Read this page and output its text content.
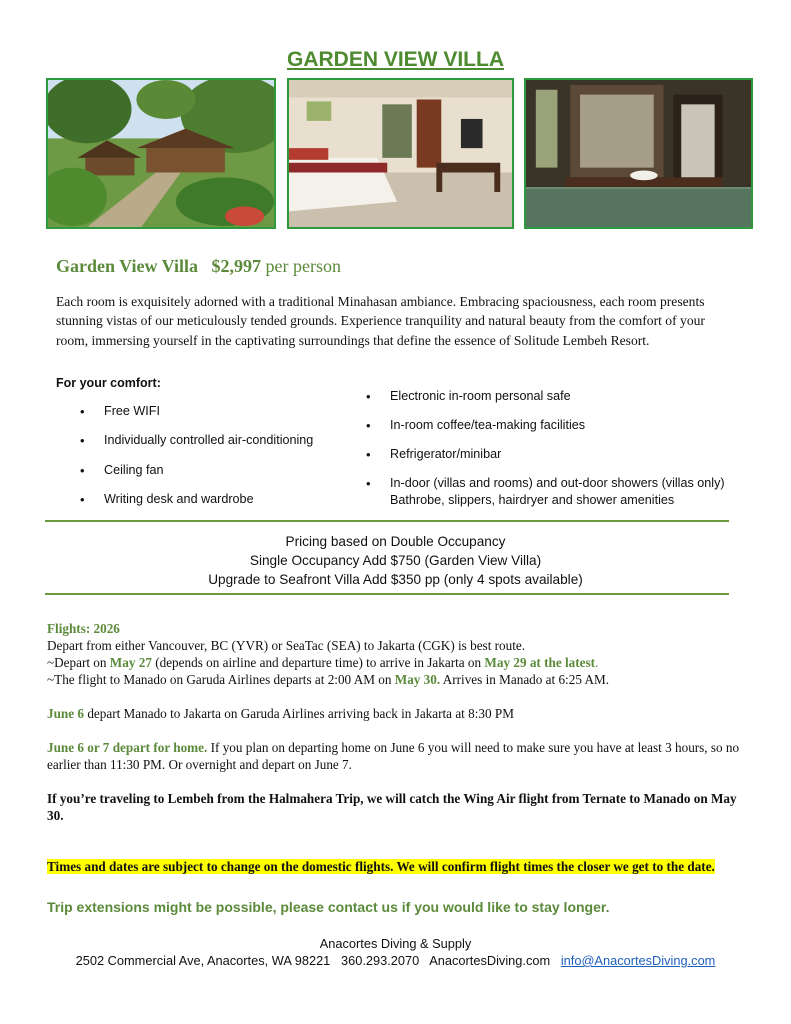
GARDEN VIEW VILLA
Garden View Villa $2,997 per person
Each room is exquisitely adorned with a traditional Minahasan ambiance. Embracing spaciousness, each room presents stunning vistas of our meticulously tended grounds. Experience tranquility and natural beauty from the comfort of your room, immersing yourself in the captivating surroundings that define the essence of Solitude Lembeh Resort.
For your comfort:
• Free WIFI
• Individually controlled air-conditioning
• Ceiling fan
• Writing desk and wardrobe
• Electronic in-room personal safe
• In-room coffee/tea-making facilities
• Refrigerator/minibar
• In-door (villas and rooms) and out-door showers (villas only) Bathrobe, slippers, hairdryer and shower amenities
Pricing based on Double Occupancy
Single Occupancy Add $750 (Garden View Villa)
Upgrade to Seafront Villa Add $350 pp (only 4 spots available)

Flights: 2026

Depart from either Vancouver, BC (YVR) or SeaTac (SEA) to Jakarta (CGK) is best route.

~Depart on May 27 (depends on airline and departure time) to arrive in Jakarta on May 29 at the latest.

~The flight to Manado on Garuda Airlines departs at 2:00 AM on May 30. Arrives in Manado at 6:25 AM.

June 6 depart Manado to Jakarta on Garuda Airlines arriving back in Jakarta at 8:30 PM

June 6 or 7 depart for home. If you plan on departing home on June 6 you will need to make sure you have at least 3 hours, so no earlier than 11:30 PM. Or overnight and depart on June 7.

If you’re traveling to Lembeh from the Halmahera Trip, we will catch the Wing Air flight from Ternate to Manado on May 30.

Times and dates are subject to change on the domestic flights. We will confirm flight times the closer we get to the date.

Trip extensions might be possible, please contact us if you would like to stay longer.
Anacortes Diving & Supply
2502 Commercial Ave, Anacortes, WA 98221 360.293.2070 AnacortesDiving.com info@AnacortesDiving.com
